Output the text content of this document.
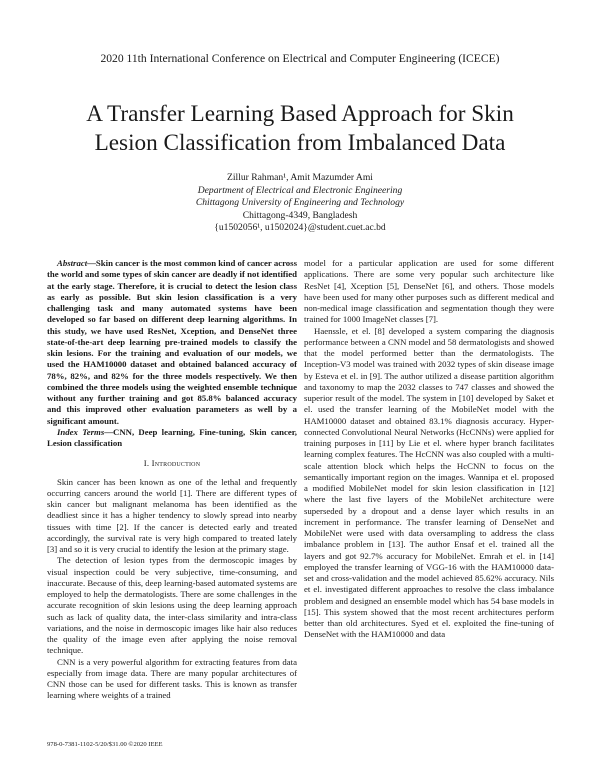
2020 11th International Conference on Electrical and Computer Engineering (ICECE)
A Transfer Learning Based Approach for Skin
Lesion Classification from Imbalanced Data
Zillur Rahman¹, Amit Mazumder Ami
Department of Electrical and Electronic Engineering
Chittagong University of Engineering and Technology
Chittagong-4349, Bangladesh
{u1502056¹, u1502024}@student.cuet.ac.bd

Abstract—Skin cancer is the most common kind of cancer across the world and some types of skin cancer are deadly if not identified at the early stage. Therefore, it is crucial to detect the lesion class as early as possible. But skin lesion classification is a very challenging task and many automated systems have been developed so far based on different deep learning algorithms. In this study, we have used ResNet, Xception, and DenseNet three state-of-the-art deep learning pre-trained models to classify the skin lesions. For the training and evaluation of our models, we used the HAM10000 dataset and obtained balanced accuracy of 78%, 82%, and 82% for the three models respectively. We then combined the three models using the weighted ensemble technique without any further training and got 85.8% balanced accuracy and this improved other evaluation parameters as well by a significant amount.

Index Terms—CNN, Deep learning, Fine-tuning, Skin cancer, Lesion classification

I. Introduction

Skin cancer has been known as one of the lethal and frequently occurring cancers around the world [1]. There are different types of skin cancer but malignant melanoma has been identified as the deadliest since it has a higher tendency to slowly spread into nearby tissues with time [2]. If the cancer is detected early and treated accordingly, the survival rate is very high compared to treated lately [3] and so it is very crucial to identify the lesion at the primary stage.

The detection of lesion types from the dermoscopic images by visual inspection could be very subjective, time-consuming, and inaccurate. Because of this, deep learning-based automated systems are employed to help the dermatologists. There are some challenges in the accurate recognition of skin lesions using the deep learning approach such as lack of quality data, the inter-class similarity and intra-class variations, and the noise in dermoscopic images like hair also reduces the quality of the image even after applying the noise removal technique.

CNN is a very powerful algorithm for extracting features from data especially from image data. There are many popular architectures of CNN those can be used for different tasks. This is known as transfer learning where weights of a trained

model for a particular application are used for some different applications. There are some very popular such architecture like ResNet [4], Xception [5], DenseNet [6], and others. Those models have been used for many other purposes such as different medical and non-medical image classification and segmentation though they were trained for 1000 ImageNet classes [7].

Haenssle, et el. [8] developed a system comparing the diagnosis performance between a CNN model and 58 dermatologists and showed that the model performed better than the dermatologists. The Inception-V3 model was trained with 2032 types of skin disease image by Esteva et el. in [9]. The author utilized a disease partition algorithm and taxonomy to map the 2032 classes to 747 classes and showed the superior result of the model. The system in [10] developed by Saket et el. used the transfer learning of the MobileNet model with the HAM10000 dataset and obtained 83.1% diagnosis accuracy. Hyper-connected Convolutional Neural Networks (HcCNNs) were applied for training purposes in [11] by Lie et el. where hyper branch facilitates learning complex features. The HcCNN was also coupled with a multi-scale attention block which helps the HcCNN to focus on the semantically important region on the images. Wannipa et el. proposed a modified MobileNet model for skin lesion classification in [12] where the last five layers of the MobileNet architecture were superseded by a dropout and a dense layer which results in an increment in performance. The transfer learning of DenseNet and MobileNet were used with data oversampling to address the class imbalance problem in [13]. The author Ensaf et el. trained all the layers and got 92.7% accuracy for MobileNet. Emrah et el. in [14] employed the transfer learning of VGG-16 with the HAM10000 data-set and cross-validation and the model achieved 85.62% accuracy. Nils et el. investigated different approaches to resolve the class imbalance problem and designed an ensemble model which has 54 base models in [15]. This system showed that the most recent architectures perform better than old architectures. Syed et el. exploited the fine-tuning of DenseNet with the HAM10000 and data

978-0-7381-1102-5/20/$31.00 ©2020 IEEE
